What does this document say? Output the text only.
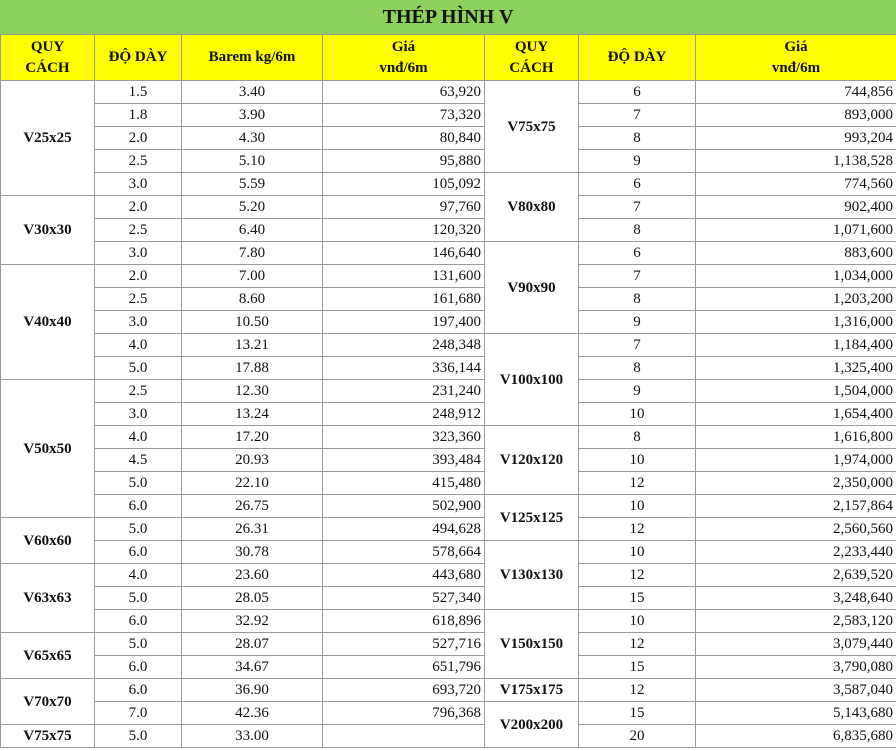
THÉP HÌNH V
QUY
CÁCH	ĐỘ DÀY	Barem kg/6m	Giá
vnđ/6m
V25x25	1.5	3.40	63,920
	1.8	3.90	73,320
	2.0	4.30	80,840
	2.5	5.10	95,880
	3.0	5.59	105,092
V30x30	2.0	5.20	97,760
	2.5	6.40	120,320
	3.0	7.80	146,640
V40x40	2.0	7.00	131,600
	2.5	8.60	161,680
	3.0	10.50	197,400
	4.0	13.21	248,348
	5.0	17.88	336,144
V50x50	2.5	12.30	231,240
	3.0	13.24	248,912
	4.0	17.20	323,360
	4.5	20.93	393,484
	5.0	22.10	415,480
	6.0	26.75	502,900
V60x60	5.0	26.31	494,628
	6.0	30.78	578,664
V63x63	4.0	23.60	443,680
	5.0	28.05	527,340
	6.0	32.92	618,896
V65x65	5.0	28.07	527,716
	6.0	34.67	651,796
V70x70	6.0	36.90	693,720
	7.0	42.36	796,368
V75x75	5.0	33.00	
QUY
CÁCH	ĐỘ DÀY	Giá
vnđ/6m
V75x75	6	744,856
	7	893,000
	8	993,204
	9	1,138,528
V80x80	6	774,560
	7	902,400
	8	1,071,600
V90x90	6	883,600
	7	1,034,000
	8	1,203,200
	9	1,316,000
V100x100	7	1,184,400
	8	1,325,400
	9	1,504,000
	10	1,654,400
V120x120	8	1,616,800
	10	1,974,000
	12	2,350,000
V125x125	10	2,157,864
	12	2,560,560
V130x130	10	2,233,440
	12	2,639,520
	15	3,248,640
V150x150	10	2,583,120
	12	3,079,440
	15	3,790,080
V175x175	12	3,587,040
V200x200	15	5,143,680
	20	6,835,680
